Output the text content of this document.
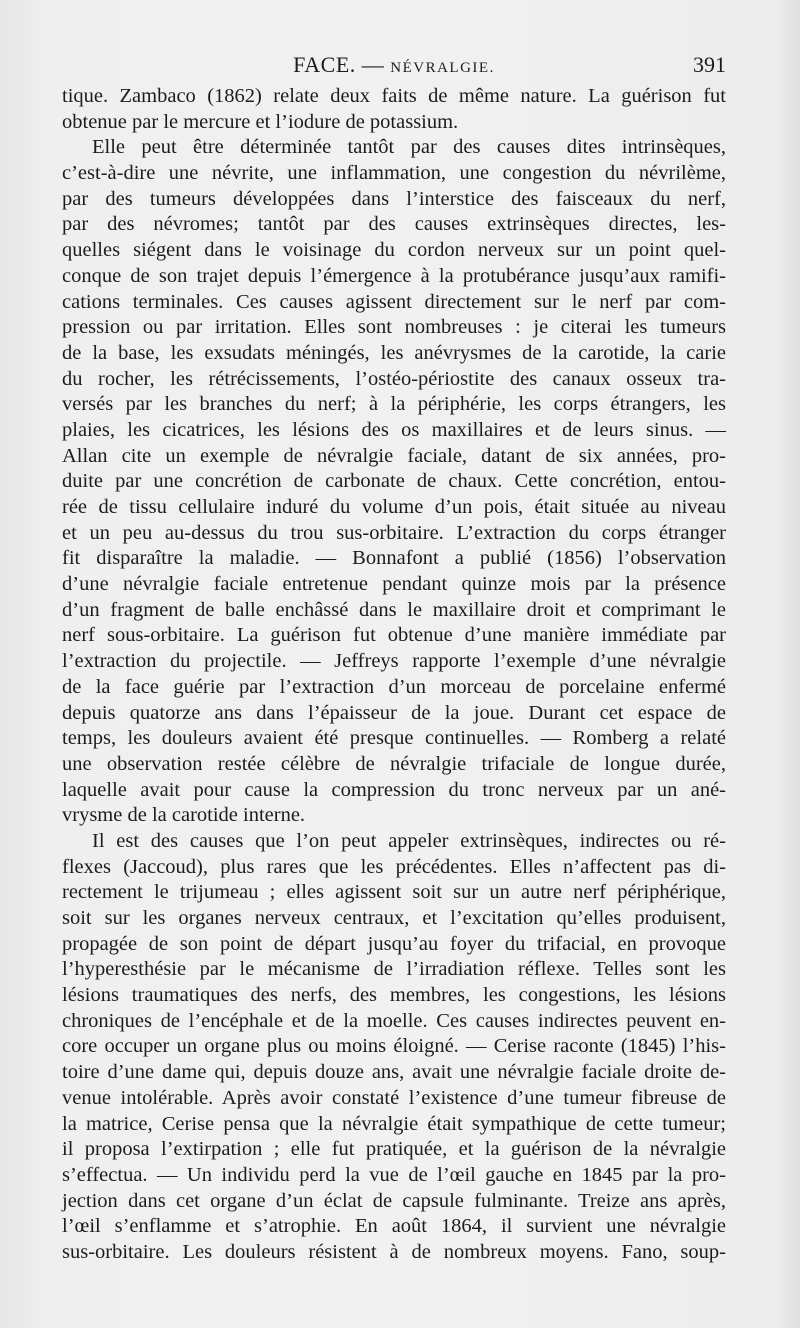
FACE. — NÉVRALGIE.	391
tique. Zambaco (1862) relate deux faits de même nature. La guérison fut
obtenue par le mercure et l’iodure de potassium.
Elle peut être déterminée tantôt par des causes dites intrinsèques,
c’est-à-dire une névrite, une inflammation, une congestion du névrilème,
par des tumeurs développées dans l’interstice des faisceaux du nerf,
par des névromes; tantôt par des causes extrinsèques directes, les-
quelles siégent dans le voisinage du cordon nerveux sur un point quel-
conque de son trajet depuis l’émergence à la protubérance jusqu’aux ramifi-
cations terminales. Ces causes agissent directement sur le nerf par com-
pression ou par irritation. Elles sont nombreuses : je citerai les tumeurs
de la base, les exsudats méningés, les anévrysmes de la carotide, la carie
du rocher, les rétrécissements, l’ostéo-périostite des canaux osseux tra-
versés par les branches du nerf; à la périphérie, les corps étrangers, les
plaies, les cicatrices, les lésions des os maxillaires et de leurs sinus. —
Allan cite un exemple de névralgie faciale, datant de six années, pro-
duite par une concrétion de carbonate de chaux. Cette concrétion, entou-
rée de tissu cellulaire induré du volume d’un pois, était située au niveau
et un peu au-dessus du trou sus-orbitaire. L’extraction du corps étranger
fit disparaître la maladie. — Bonnafont a publié (1856) l’observation
d’une névralgie faciale entretenue pendant quinze mois par la présence
d’un fragment de balle enchâssé dans le maxillaire droit et comprimant le
nerf sous-orbitaire. La guérison fut obtenue d’une manière immédiate par
l’extraction du projectile. — Jeffreys rapporte l’exemple d’une névralgie
de la face guérie par l’extraction d’un morceau de porcelaine enfermé
depuis quatorze ans dans l’épaisseur de la joue. Durant cet espace de
temps, les douleurs avaient été presque continuelles. — Romberg a relaté
une observation restée célèbre de névralgie trifaciale de longue durée,
laquelle avait pour cause la compression du tronc nerveux par un ané-
vrysme de la carotide interne.
Il est des causes que l’on peut appeler extrinsèques, indirectes ou ré-
flexes (Jaccoud), plus rares que les précédentes. Elles n’affectent pas di-
rectement le trijumeau ; elles agissent soit sur un autre nerf périphérique,
soit sur les organes nerveux centraux, et l’excitation qu’elles produisent,
propagée de son point de départ jusqu’au foyer du trifacial, en provoque
l’hyperesthésie par le mécanisme de l’irradiation réflexe. Telles sont les
lésions traumatiques des nerfs, des membres, les congestions, les lésions
chroniques de l’encéphale et de la moelle. Ces causes indirectes peuvent en-
core occuper un organe plus ou moins éloigné. — Cerise raconte (1845) l’his-
toire d’une dame qui, depuis douze ans, avait une névralgie faciale droite de-
venue intolérable. Après avoir constaté l’existence d’une tumeur fibreuse de
la matrice, Cerise pensa que la névralgie était sympathique de cette tumeur;
il proposa l’extirpation ; elle fut pratiquée, et la guérison de la névralgie
s’effectua. — Un individu perd la vue de l’œil gauche en 1845 par la pro-
jection dans cet organe d’un éclat de capsule fulminante. Treize ans après,
l’œil s’enflamme et s’atrophie. En août 1864, il survient une névralgie
sus-orbitaire. Les douleurs résistent à de nombreux moyens. Fano, soup-
